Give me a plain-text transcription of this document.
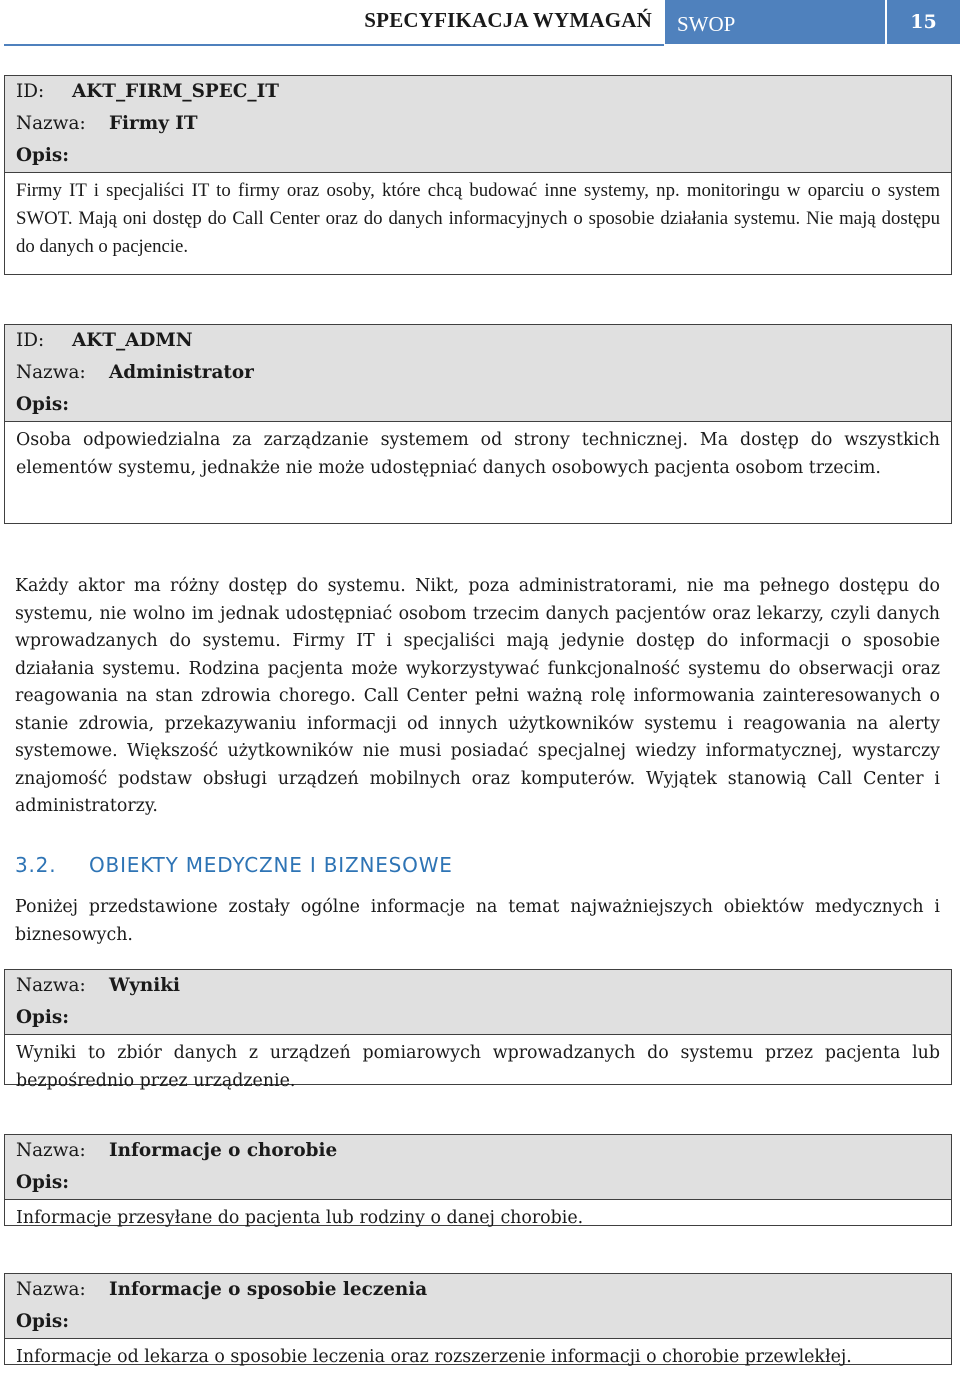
SPECYFIKACJA WYMAGAŃ	SWOP	15
ID: AKT_FIRM_SPEC_IT
Nazwa: Firmy IT
Opis:
Firmy IT i specjaliści IT to firmy oraz osoby, które chcą budować inne systemy, np. monitoringu w oparciu o system SWOT. Mają oni dostęp do Call Center oraz do danych informacyjnych o sposobie działania systemu. Nie mają dostępu do danych o pacjencie.
ID: AKT_ADMN
Nazwa: Administrator
Opis:
Osoba odpowiedzialna za zarządzanie systemem od strony technicznej. Ma dostęp do wszystkich elementów systemu, jednakże nie może udostępniać danych osobowych pacjenta osobom trzecim.
Każdy aktor ma różny dostęp do systemu. Nikt, poza administratorami, nie ma pełnego dostępu do systemu, nie wolno im jednak udostępniać osobom trzecim danych pacjentów oraz lekarzy, czyli danych wprowadzanych do systemu. Firmy IT i specjaliści mają jedynie dostęp do informacji o sposobie działania systemu. Rodzina pacjenta może wykorzystywać funkcjonalność systemu do obserwacji oraz reagowania na stan zdrowia chorego. Call Center pełni ważną rolę informowania zainteresowanych o stanie zdrowia, przekazywaniu informacji od innych użytkowników systemu i reagowania na alerty systemowe. Większość użytkowników nie musi posiadać specjalnej wiedzy informatycznej, wystarczy znajomość podstaw obsługi urządzeń mobilnych oraz komputerów. Wyjątek stanowią Call Center i administratorzy.
3.2. OBIEKTY MEDYCZNE I BIZNESOWE
Poniżej przedstawione zostały ogólne informacje na temat najważniejszych obiektów medycznych i biznesowych.
Nazwa: Wyniki
Opis:
Wyniki to zbiór danych z urządzeń pomiarowych wprowadzanych do systemu przez pacjenta lub bezpośrednio przez urządzenie.
Nazwa: Informacje o chorobie
Opis:
Informacje przesyłane do pacjenta lub rodziny o danej chorobie.
Nazwa: Informacje o sposobie leczenia
Opis:
Informacje od lekarza o sposobie leczenia oraz rozszerzenie informacji o chorobie przewlekłej.
